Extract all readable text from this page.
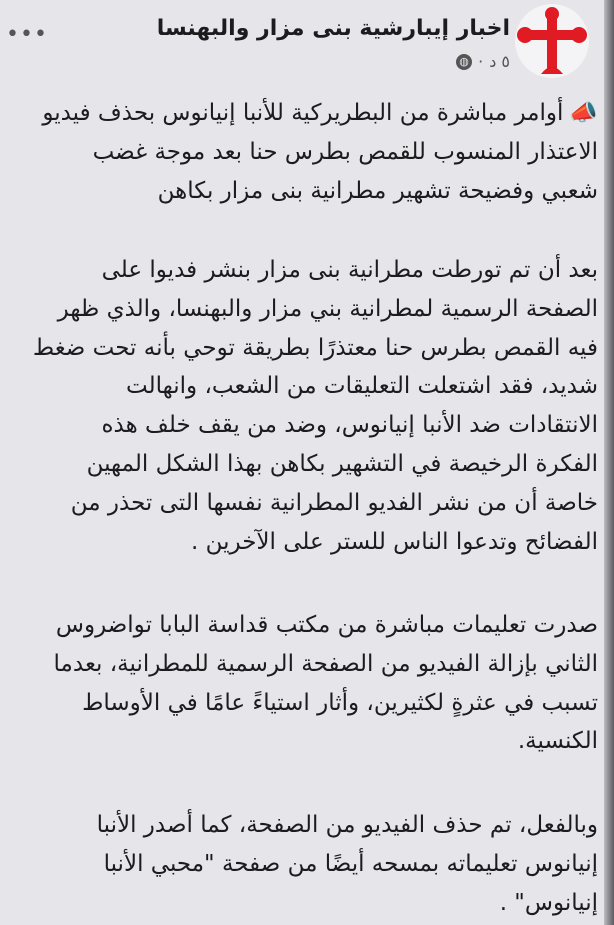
اخبار إيبارشية بنى مزار والبهنسا
٥ د
·
◍
•••
📣أوامر مباشرة من البطريركية للأنبا إنيانوس بحذف فيديو
الاعتذار المنسوب للقمص بطرس حنا بعد موجة غضب
شعبي وفضيحة تشهير مطرانية بنى مزار بكاهن
بعد أن تم تورطت مطرانية بنى مزار بنشر فديوا على
الصفحة الرسمية لمطرانية بني مزار والبهنسا، والذي ظهر
فيه القمص بطرس حنا معتذرًا بطريقة توحي بأنه تحت ضغط
شديد، فقد اشتعلت التعليقات من الشعب، وانهالت
الانتقادات ضد الأنبا إنيانوس، وضد من يقف خلف هذه
الفكرة الرخيصة في التشهير بكاهن بهذا الشكل المهين
خاصة أن من نشر الفديو المطرانية نفسها التى تحذر من
الفضائح وتدعوا الناس للستر على الآخرين .
صدرت تعليمات مباشرة من مكتب قداسة البابا تواضروس
الثاني بإزالة الفيديو من الصفحة الرسمية للمطرانية، بعدما
تسبب في عثرةٍ لكثيرين، وأثار استياءً عامًا في الأوساط
الكنسية.
وبالفعل، تم حذف الفيديو من الصفحة، كما أصدر الأنبا
إنيانوس تعليماته بمسحه أيضًا من صفحة "محبي الأنبا
إنيانوس" .
